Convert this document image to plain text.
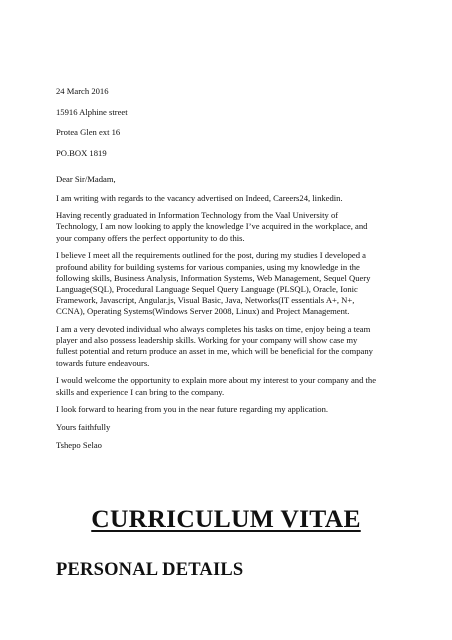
24 March 2016
15916 Alphine street
Protea Glen ext 16
PO.BOX 1819
Dear Sir/Madam,
I am writing with regards to the vacancy advertised on Indeed, Careers24, linkedin.
Having recently graduated in Information Technology from the Vaal University of
Technology, I am now looking to apply the knowledge I’ve acquired in the workplace, and
your company offers the perfect opportunity to do this.
I believe I meet all the requirements outlined for the post, during my studies I developed a
profound ability for building systems for various companies, using my knowledge in the
following skills, Business Analysis, Information Systems, Web Management, Sequel Query
Language(SQL), Procedural Language Sequel Query Language (PLSQL), Oracle, Ionic
Framework, Javascript, Angular.js, Visual Basic, Java, Networks(IT essentials A+, N+,
CCNA), Operating Systems(Windows Server 2008, Linux) and Project Management.
I am a very devoted individual who always completes his tasks on time, enjoy being a team
player and also possess leadership skills. Working for your company will show case my
fullest potential and return produce an asset in me, which will be beneficial for the company
towards future endeavours.
I would welcome the opportunity to explain more about my interest to your company and the
skills and experience I can bring to the company.
I look forward to hearing from you in the near future regarding my application.
Yours faithfully
Tshepo Selao
CURRICULUM VITAE
PERSONAL DETAILS
